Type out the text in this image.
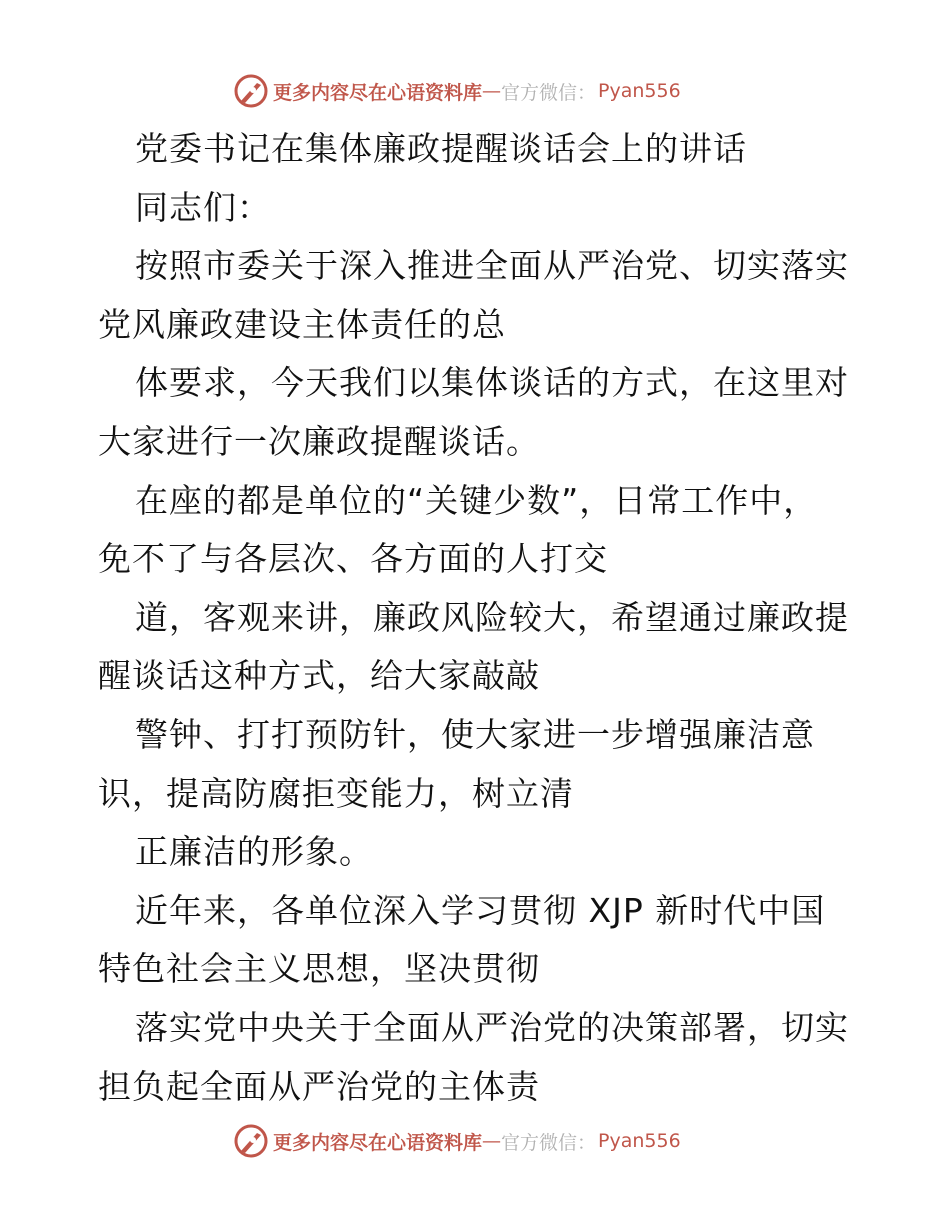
更多内容尽在心语资料库 — 官方微信： Pyan556
党委书记在集体廉政提醒谈话会上的讲话
同志们：
按照市委关于深入推进全面从严治党、切实落实
党风廉政建设主体责任的总
体要求，今天我们以集体谈话的方式，在这里对
大家进行一次廉政提醒谈话。
在座的都是单位的“关键少数”，日常工作中，
免不了与各层次、各方面的人打交
道，客观来讲，廉政风险较大，希望通过廉政提
醒谈话这种方式，给大家敲敲
警钟、打打预防针，使大家进一步增强廉洁意
识，提高防腐拒变能力，树立清
正廉洁的形象。
近年来，各单位深入学习贯彻 XJP 新时代中国
特色社会主义思想，坚决贯彻
落实党中央关于全面从严治党的决策部署，切实
担负起全面从严治党的主体责
更多内容尽在心语资料库 — 官方微信： Pyan556
